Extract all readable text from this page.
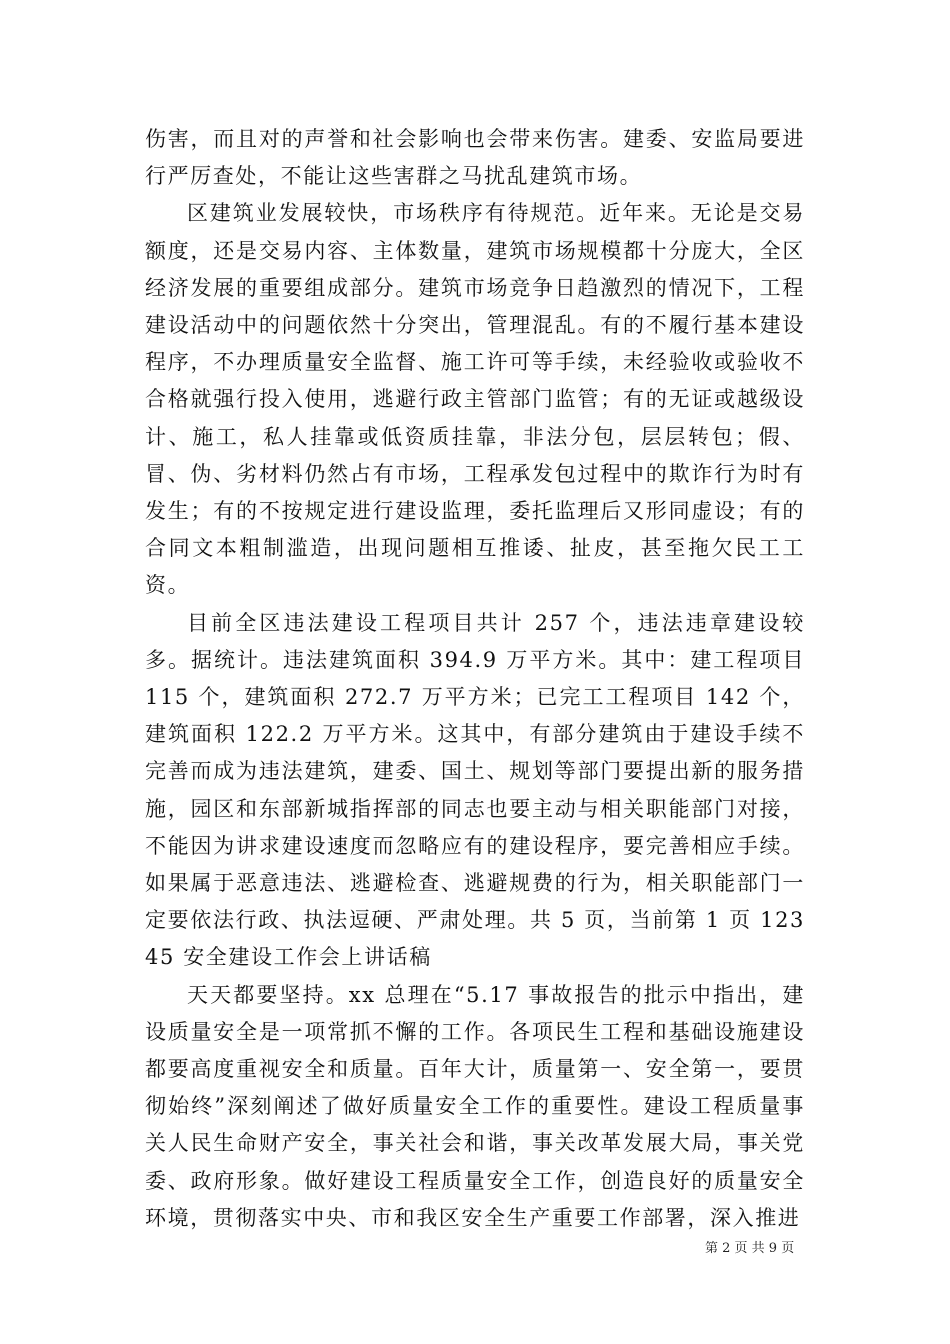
伤害，而且对的声誉和社会影响也会带来伤害。建委、安监局要进行严厉查处，不能让这些害群之马扰乱建筑市场。

区建筑业发展较快，市场秩序有待规范。近年来。无论是交易额度，还是交易内容、主体数量，建筑市场规模都十分庞大，全区经济发展的重要组成部分。建筑市场竞争日趋激烈的情况下，工程建设活动中的问题依然十分突出，管理混乱。有的不履行基本建设程序，不办理质量安全监督、施工许可等手续，未经验收或验收不合格就强行投入使用，逃避行政主管部门监管；有的无证或越级设计、施工，私人挂靠或低资质挂靠，非法分包，层层转包；假、冒、伪、劣材料仍然占有市场，工程承发包过程中的欺诈行为时有发生；有的不按规定进行建设监理，委托监理后又形同虚设；有的合同文本粗制滥造，出现问题相互推诿、扯皮，甚至拖欠民工工资。

目前全区违法建设工程项目共计 257 个，违法违章建设较多。据统计。违法建筑面积 394.9 万平方米。其中：建工程项目 115 个，建筑面积 272.7 万平方米；已完工工程项目 142 个，建筑面积 122.2 万平方米。这其中，有部分建筑由于建设手续不完善而成为违法建筑，建委、国土、规划等部门要提出新的服务措施，园区和东部新城指挥部的同志也要主动与相关职能部门对接，不能因为讲求建设速度而忽略应有的建设程序，要完善相应手续。如果属于恶意违法、逃避检查、逃避规费的行为，相关职能部门一定要依法行政、执法逗硬、严肃处理。共 5 页，当前第 1 页 12345 安全建设工作会上讲话稿

天天都要坚持。xx 总理在“5.17 事故报告的批示中指出，建设质量安全是一项常抓不懈的工作。各项民生工程和基础设施建设都要高度重视安全和质量。百年大计，质量第一、安全第一，要贯彻始终”深刻阐述了做好质量安全工作的重要性。建设工程质量事关人民生命财产安全，事关社会和谐，事关改革发展大局，事关党委、政府形象。做好建设工程质量安全工作，创造良好的质量安全环境，贯彻落实中央、市和我区安全生产重要工作部署，深入推进

第 2 页 共 9 页
